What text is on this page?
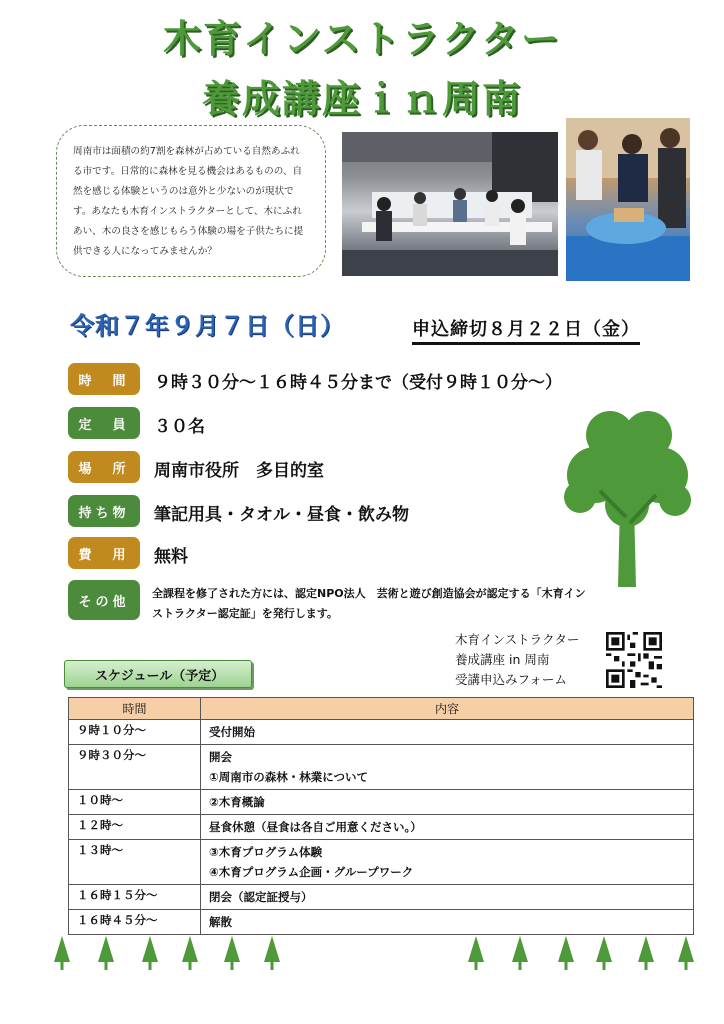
木育インストラクター
養成講座ｉｎ周南
周南市は面積の約7割を森林が占めている自然あふれる市です。日常的に森林を見る機会はあるものの、自然を感じる体験というのは意外と少ないのが現状です。あなたも木育インストラクターとして、木にふれあい、木の良さを感じもらう体験の場を子供たちに提供できる人になってみませんか？
令和７年９月７日（日）	申込締切８月２２日（金）
時　間	９時３０分～１６時４５分まで（受付９時１０分～）
定　員	３０名
場　所	周南市役所　多目的室
持ち物	筆記用具・タオル・昼食・飲み物
費　用	無料
その他
全課程を修了された方には、認定NPO法人　芸術と遊び創造協会が認定する「木育インストラクター認定証」を発行します。
木育インストラクター
養成講座 in 周南
受講申込みフォーム
スケジュール（予定）
時間	内容
９時１０分～	受付開始

９時３０分～	開会
①周南市の森林・林業について

１０時～	②木育概論

１２時～	昼食休憩（昼食は各自ご用意ください。）

１３時～	③木育プログラム体験
④木育プログラム企画・グループワーク

１６時１５分～	閉会（認定証授与）

１６時４５分～	解散
